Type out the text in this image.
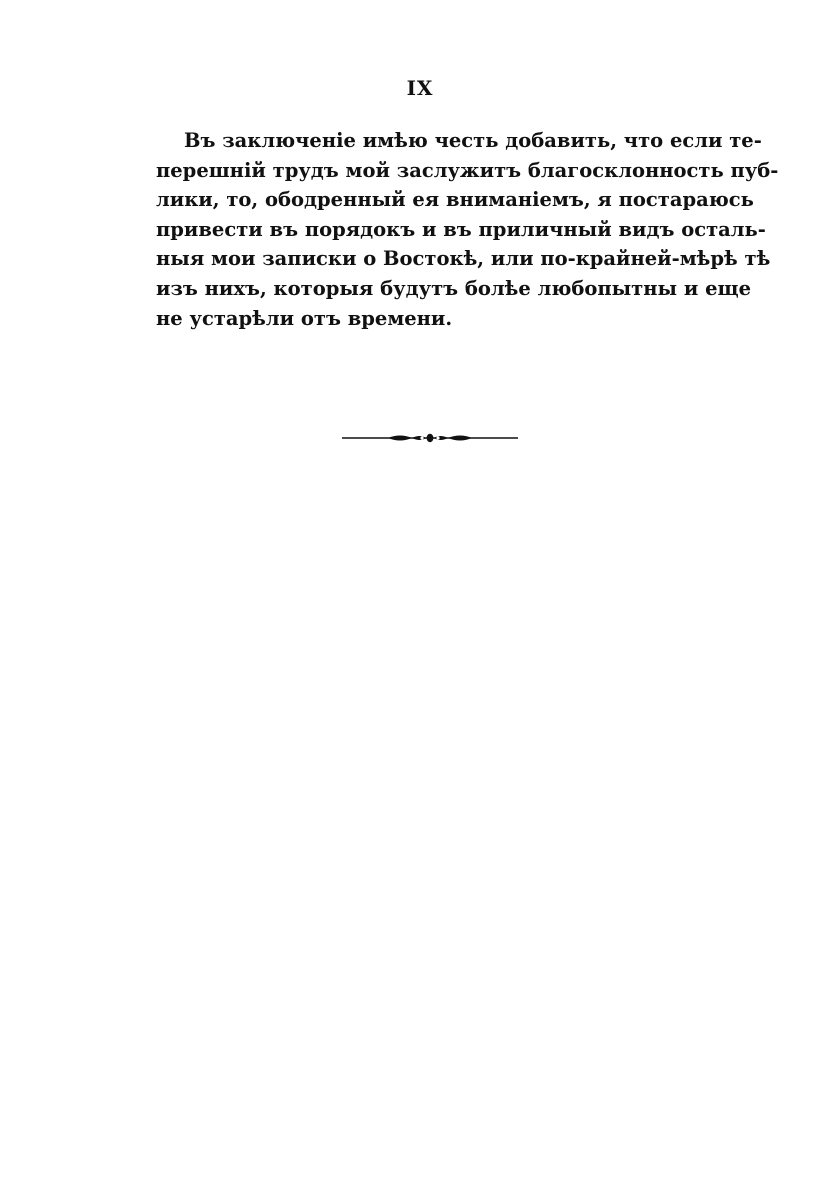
IX
Въ заключеніе имѣю честь добавить, что если те-
перешній трудъ мой заслужитъ благосклонность пуб-
лики, то, ободренный ея вниманіемъ, я постараюсь
привести въ порядокъ и въ приличный видъ осталь-
ныя мои записки о Востокѣ, или по-крайней-мѣрѣ тѣ
изъ нихъ, которыя будутъ болѣе любопытны и еще
не устарѣли отъ времени.
